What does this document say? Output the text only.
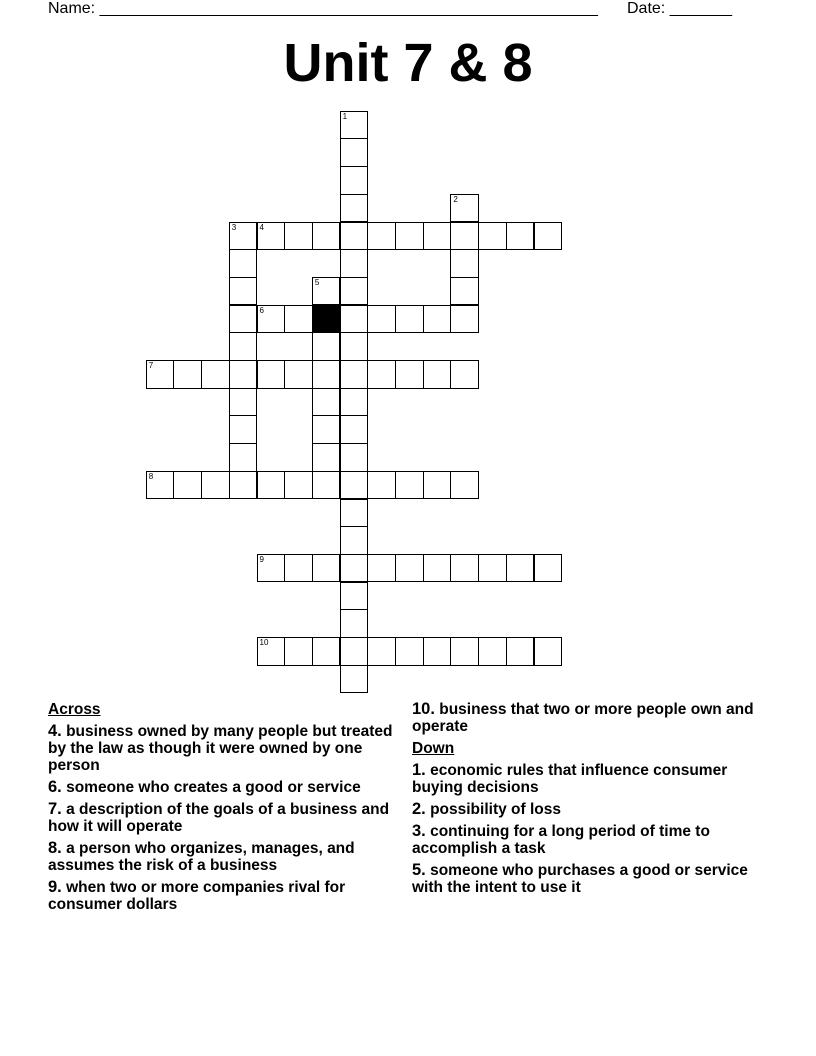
Name: ________________________________________________________ Date: _______
Unit 7 & 8
1
2
3	4
5
6
7
8
9
10
Across
4. business owned by many people but treated by the law as though it were owned by one person
6. someone who creates a good or service
7. a description of the goals of a business and how it will operate
8. a person who organizes, manages, and assumes the risk of a business
9. when two or more companies rival for consumer dollars
10. business that two or more people own and operate
Down
1. economic rules that influence consumer buying decisions
2. possibility of loss
3. continuing for a long period of time to accomplish a task
5. someone who purchases a good or service with the intent to use it
